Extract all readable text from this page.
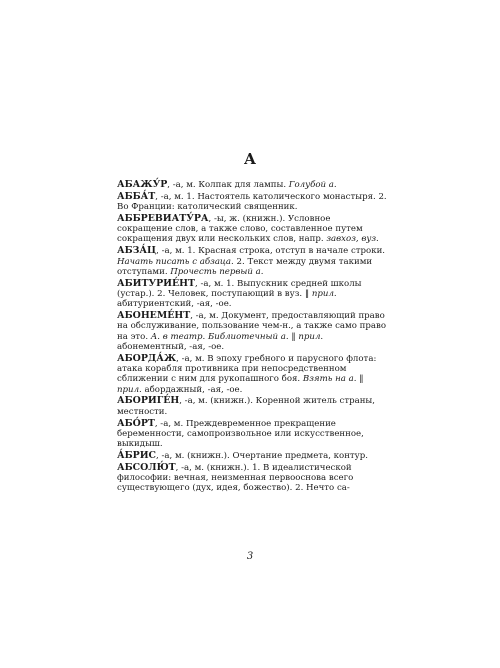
А
АБАЖУ́Р, -а, м. Колпак для лампы. Голубой а.
АББА́Т, -а, м. 1. Настоятель католического монастыря. 2. Во Франции: католический священник.
АББРЕВИАТУ́РА, -ы, ж. (книжн.). Условное сокращение слов, а также слово, составленное путем сокращения двух или нескольких слов, напр. завхоз, вуз.
АБЗА́Ц, -а, м. 1. Красная строка, отступ в начале строки. Начать писать с абзаца. 2. Текст между двумя такими отступами. Прочесть первый а.
АБИТУРИЕ́НТ, -а, м. 1. Выпускник средней школы (устар.). 2. Человек, поступающий в вуз. ‖ прил. абитуриентский, -ая, -ое.
АБОНЕМЕ́НТ, -а, м. Документ, предоставляющий право на обслуживание, пользование чем-н., а также само право на это. А. в театр. Библиотечный а. ‖ прил. абонементный, -ая, -ое.
АБОРДА́Ж, -а, м. В эпоху гребного и парусного флота: атака корабля противника при непосредственном сближении с ним для рукопашного боя. Взять на а. ‖ прил. абордажный, -ая, -ое.
АБОРИГЕ́Н, -а, м. (книжн.). Коренной житель страны, местности.
АБО́РТ, -а, м. Преждевременное прекращение беременности, самопроизвольное или искусственное, выкидыш.
А́БРИС, -а, м. (книжн.). Очертание предмета, контур.
АБСОЛЮ́Т, -а, м. (книжн.). 1. В идеалистической философии: вечная, неизменная первооснова всего существующего (дух, идея, божество). 2. Нечто са-
3
